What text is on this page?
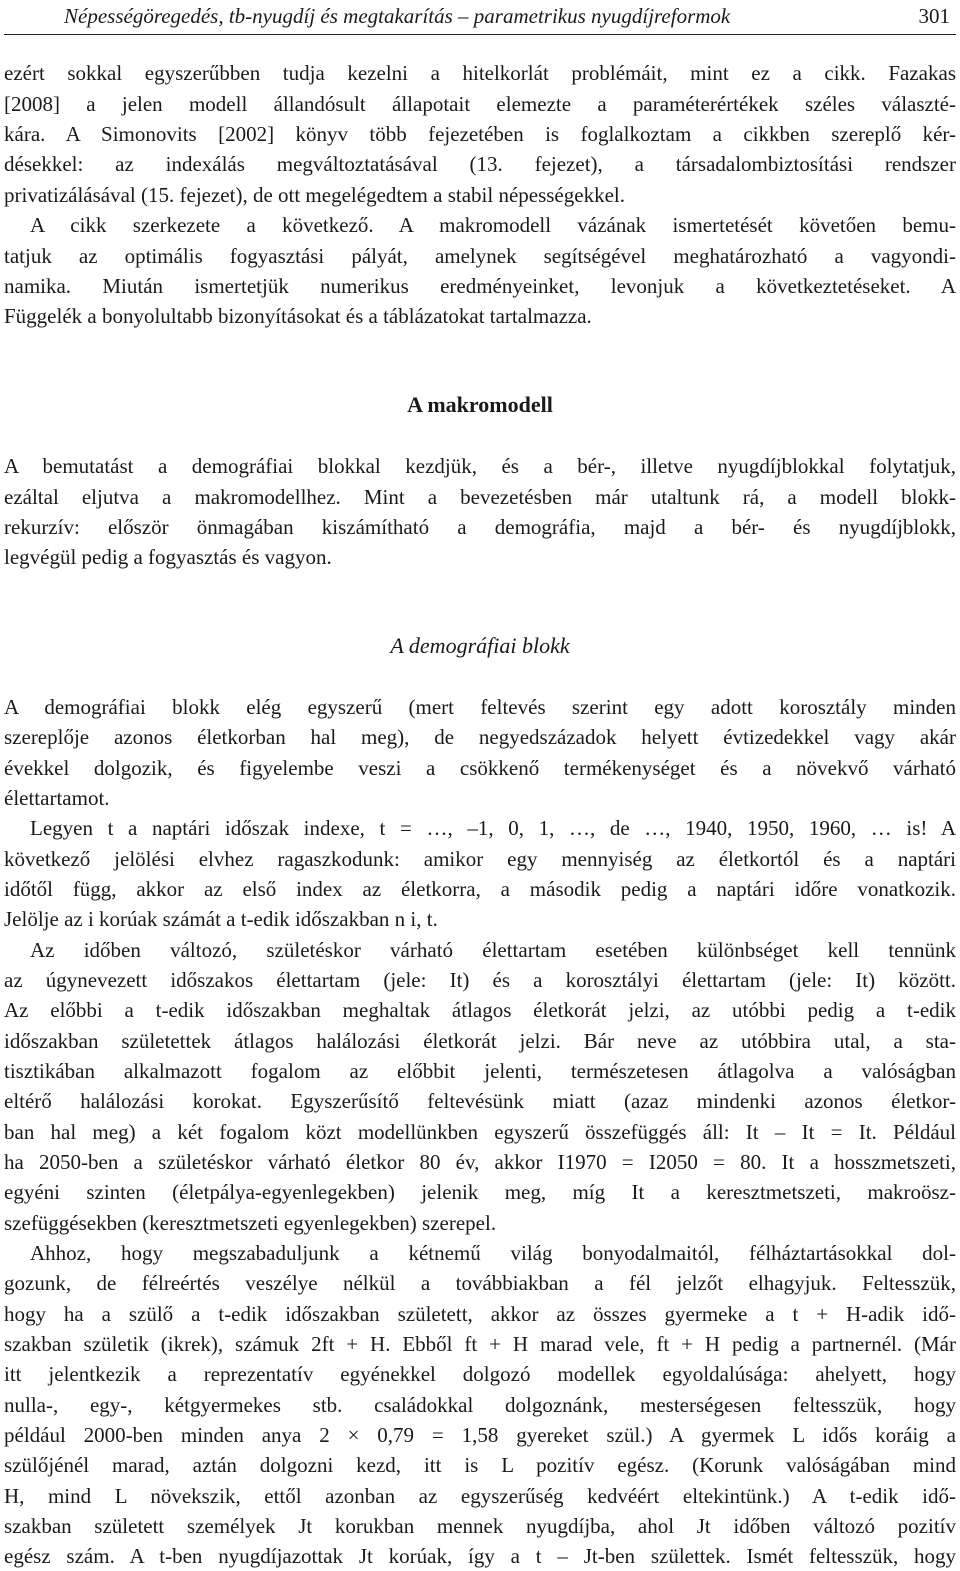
Népességöregedés, tb-nyugdíj és megtakarítás – parametrikus nyugdíjreformok	301
ezért sokkal egyszerűbben tudja kezelni a hitelkorlát problémáit, mint ez a cikk. Fazakas
[2008] a jelen modell állandósult állapotait elemezte a paraméterértékek széles választé-
kára. A Simonovits [2002] könyv több fejezetében is foglalkoztam a cikkben szereplő kér-
désekkel: az indexálás megváltoztatásával (13. fejezet), a társadalombiztosítási rendszer
privatizálásával (15. fejezet), de ott megelégedtem a stabil népességekkel.
A cikk szerkezete a következő. A makromodell vázának ismertetését követően bemu-
tatjuk az optimális fogyasztási pályát, amelynek segítségével meghatározható a vagyondi-
namika. Miután ismertetjük numerikus eredményeinket, levonjuk a következtetéseket. A
Függelék a bonyolultabb bizonyításokat és a táblázatokat tartalmazza.
A makromodell
A bemutatást a demográfiai blokkal kezdjük, és a bér-, illetve nyugdíjblokkal folytatjuk,
ezáltal eljutva a makromodellhez. Mint a bevezetésben már utaltunk rá, a modell blokk-
rekurzív: először önmagában kiszámítható a demográfia, majd a bér- és nyugdíjblokk,
legvégül pedig a fogyasztás és vagyon.
A demográfiai blokk
A demográfiai blokk elég egyszerű (mert feltevés szerint egy adott korosztály minden
szereplője azonos életkorban hal meg), de negyedszázadok helyett évtizedekkel vagy akár
évekkel dolgozik, és figyelembe veszi a csökkenő termékenységet és a növekvő várható
élettartamot.
Legyen t a naptári időszak indexe, t = …, –1, 0, 1, …, de …, 1940, 1950, 1960, … is! A
következő jelölési elvhez ragaszkodunk: amikor egy mennyiség az életkortól és a naptári
időtől függ, akkor az első index az életkorra, a második pedig a naptári időre vonatkozik.
Jelölje az i korúak számát a t-edik időszakban n i, t.
Az időben változó, születéskor várható élettartam esetében különbséget kell tennünk
az úgynevezett időszakos élettartam (jele: It) és a korosztályi élettartam (jele: It) között.
Az előbbi a t-edik időszakban meghaltak átlagos életkorát jelzi, az utóbbi pedig a t-edik
időszakban születettek átlagos halálozási életkorát jelzi. Bár neve az utóbbira utal, a sta-
tisztikában alkalmazott fogalom az előbbit jelenti, természetesen átlagolva a valóságban
eltérő halálozási korokat. Egyszerűsítő feltevésünk miatt (azaz mindenki azonos életkor-
ban hal meg) a két fogalom közt modellünkben egyszerű összefüggés áll: It – It = It. Például
ha 2050-ben a születéskor várható életkor 80 év, akkor I1970 = I2050 = 80. It a hosszmetszeti,
egyéni szinten (életpálya-egyenlegekben) jelenik meg, míg It a keresztmetszeti, makroösz-
szefüggésekben (keresztmetszeti egyenlegekben) szerepel.
Ahhoz, hogy megszabaduljunk a kétnemű világ bonyodalmaitól, félháztartásokkal dol-
gozunk, de félreértés veszélye nélkül a továbbiakban a fél jelzőt elhagyjuk. Feltesszük,
hogy ha a szülő a t-edik időszakban született, akkor az összes gyermeke a t + H-adik idő-
szakban születik (ikrek), számuk 2ft + H. Ebből ft + H marad vele, ft + H pedig a partnernél. (Már
itt jelentkezik a reprezentatív egyénekkel dolgozó modellek egyoldalúsága: ahelyett, hogy
nulla-, egy-, kétgyermekes stb. családokkal dolgoznánk, mesterségesen feltesszük, hogy
például 2000-ben minden anya 2 × 0,79 = 1,58 gyereket szül.) A gyermek L idős koráig a
szülőjénél marad, aztán dolgozni kezd, itt is L pozitív egész. (Korunk valóságában mind
H, mind L növekszik, ettől azonban az egyszerűség kedvéért eltekintünk.) A t-edik idő-
szakban született személyek Jt korukban mennek nyugdíjba, ahol Jt időben változó pozitív
egész szám. A t-ben nyugdíjazottak Jt korúak, így a t – Jt-ben születtek. Ismét feltesszük, hogy
